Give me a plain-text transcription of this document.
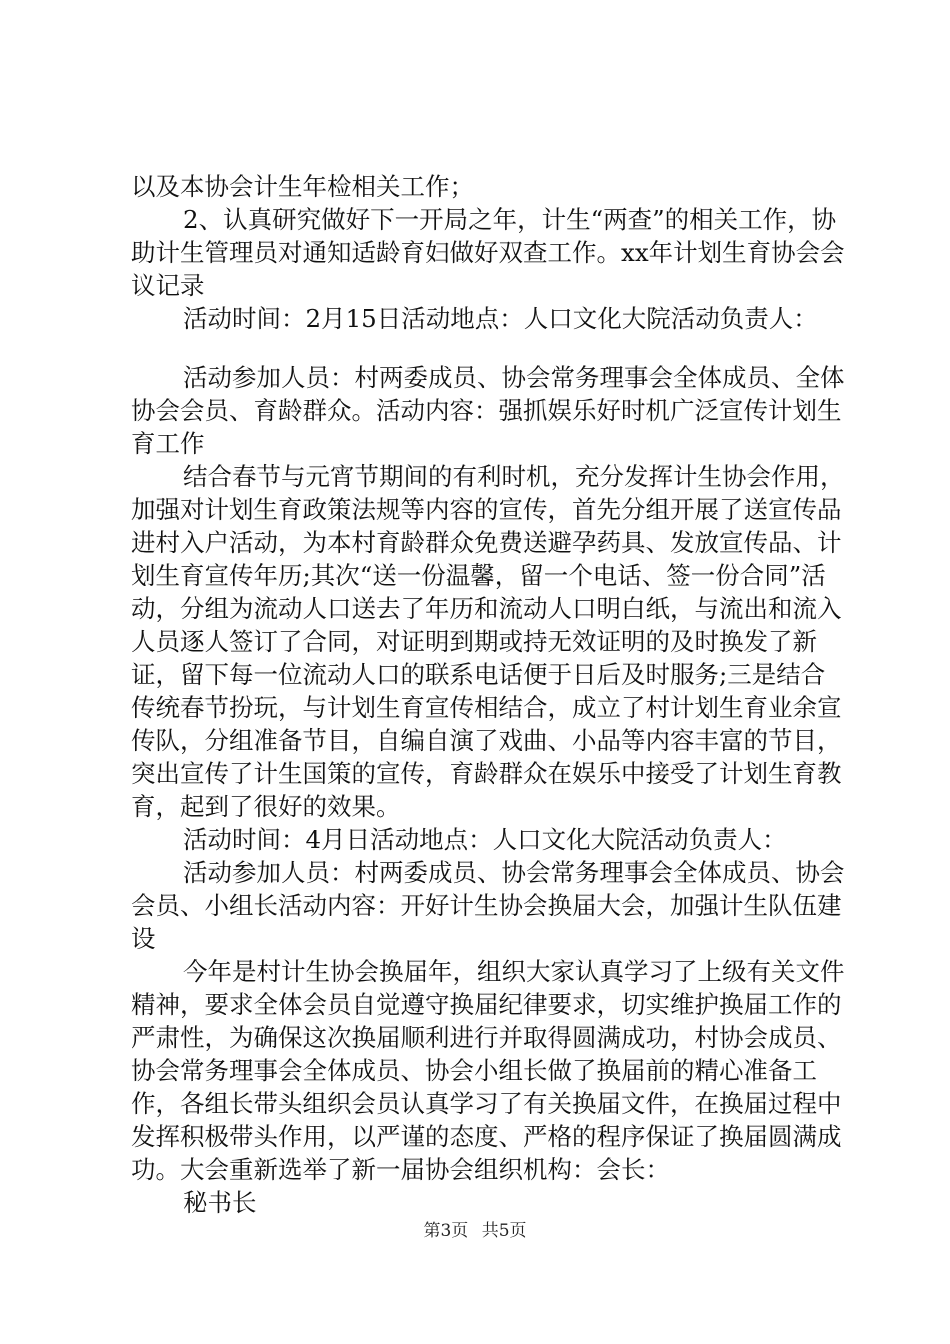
以及本协会计生年检相关工作；

2、认真研究做好下一开局之年，计生“两查”的相关工作，协助计生管理员对通知适龄育妇做好双查工作。xx年计划生育协会会议记录

活动时间：2月15日活动地点：人口文化大院活动负责人：

活动参加人员：村两委成员、协会常务理事会全体成员、全体协会会员、育龄群众。活动内容：强抓娱乐好时机广泛宣传计划生育工作

结合春节与元宵节期间的有利时机，充分发挥计生协会作用，加强对计划生育政策法规等内容的宣传，首先分组开展了送宣传品进村入户活动，为本村育龄群众免费送避孕药具、发放宣传品、计划生育宣传年历;其次“送一份温馨，留一个电话、签一份合同”活动，分组为流动人口送去了年历和流动人口明白纸，与流出和流入人员逐人签订了合同，对证明到期或持无效证明的及时换发了新证，留下每一位流动人口的联系电话便于日后及时服务;三是结合传统春节扮玩，与计划生育宣传相结合，成立了村计划生育业余宣传队，分组准备节目，自编自演了戏曲、小品等内容丰富的节目，突出宣传了计生国策的宣传，育龄群众在娱乐中接受了计划生育教育，起到了很好的效果。

活动时间：4月日活动地点：人口文化大院活动负责人：

活动参加人员：村两委成员、协会常务理事会全体成员、协会会员、小组长活动内容：开好计生协会换届大会，加强计生队伍建设

今年是村计生协会换届年，组织大家认真学习了上级有关文件精神，要求全体会员自觉遵守换届纪律要求，切实维护换届工作的严肃性，为确保这次换届顺利进行并取得圆满成功，村协会成员、协会常务理事会全体成员、协会小组长做了换届前的精心准备工作，各组长带头组织会员认真学习了有关换届文件，在换届过程中发挥积极带头作用，以严谨的态度、严格的程序保证了换届圆满成功。大会重新选举了新一届协会组织机构：会长：

秘书长

第3页 共5页
